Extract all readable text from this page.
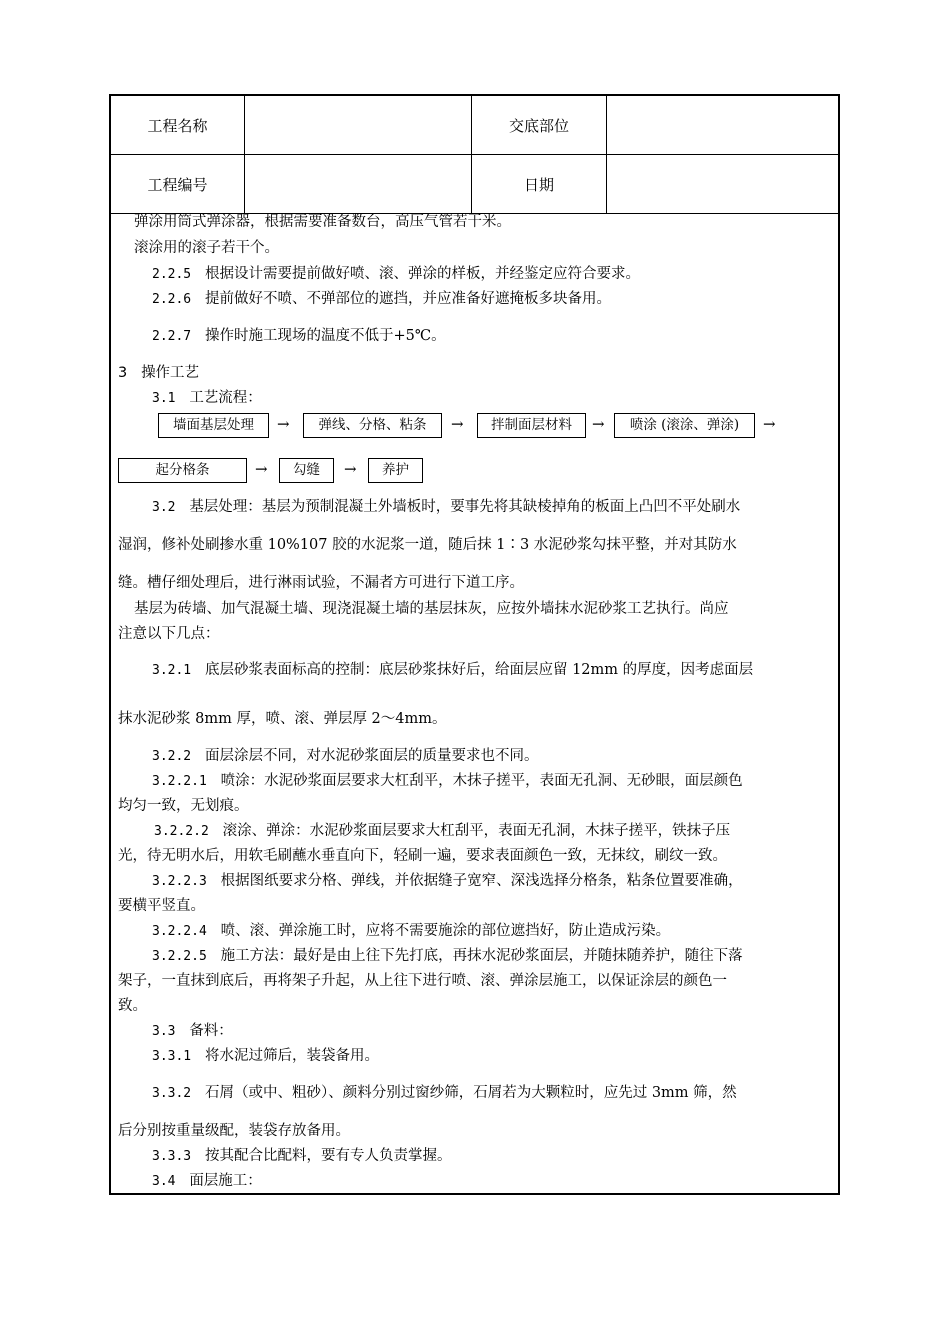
工程名称	交底部位
工程编号	日期
弹涂用筒式弹涂器，根据需要准备数台，高压气管若干米。
滚涂用的滚子若干个。
2.2.5 根据设计需要提前做好喷、滚、弹涂的样板，并经鉴定应符合要求。
2.2.6 提前做好不喷、不弹部位的遮挡，并应准备好遮掩板多块备用。
2.2.7 操作时施工现场的温度不低于+5℃。
3 操作工艺
3.1 工艺流程：
墙面基层处理	→	弹线、分格、粘条	→	拌制面层材料	→	喷涂 (滚涂、弹涂)	→
起分格条	→	勾缝	→	养护
3.2 基层处理：基层为预制混凝土外墙板时，要事先将其缺棱掉角的板面上凸凹不平处刷水
湿润，修补处刷掺水重 10%107 胶的水泥浆一道，随后抹 1∶3 水泥砂浆勾抹平整，并对其防水
缝。槽仔细处理后，进行淋雨试验，不漏者方可进行下道工序。
基层为砖墙、加气混凝土墙、现浇混凝土墙的基层抹灰，应按外墙抹水泥砂浆工艺执行。尚应
注意以下几点：
3.2.1 底层砂浆表面标高的控制：底层砂浆抹好后，给面层应留 12mm 的厚度，因考虑面层
抹水泥砂浆 8mm 厚，喷、滚、弹层厚 2～4mm。
3.2.2 面层涂层不同，对水泥砂浆面层的质量要求也不同。
3.2.2.1 喷涂：水泥砂浆面层要求大杠刮平，木抹子搓平，表面无孔洞、无砂眼，面层颜色
均匀一致，无划痕。
3.2.2.2 滚涂、弹涂：水泥砂浆面层要求大杠刮平，表面无孔洞，木抹子搓平，铁抹子压
光，待无明水后，用软毛刷蘸水垂直向下，轻刷一遍，要求表面颜色一致，无抹纹，刷纹一致。
3.2.2.3 根据图纸要求分格、弹线，并依据缝子宽窄、深浅选择分格条，粘条位置要准确，
要横平竖直。
3.2.2.4 喷、滚、弹涂施工时，应将不需要施涂的部位遮挡好，防止造成污染。
3.2.2.5 施工方法：最好是由上往下先打底，再抹水泥砂浆面层，并随抹随养护，随往下落
架子，一直抹到底后，再将架子升起，从上往下进行喷、滚、弹涂层施工，以保证涂层的颜色一
致。
3.3 备料：
3.3.1 将水泥过筛后，装袋备用。
3.3.2 石屑（或中、粗砂）、颜料分别过窗纱筛，石屑若为大颗粒时，应先过 3mm 筛，然
后分别按重量级配，装袋存放备用。
3.3.3 按其配合比配料，要有专人负责掌握。
3.4 面层施工：
